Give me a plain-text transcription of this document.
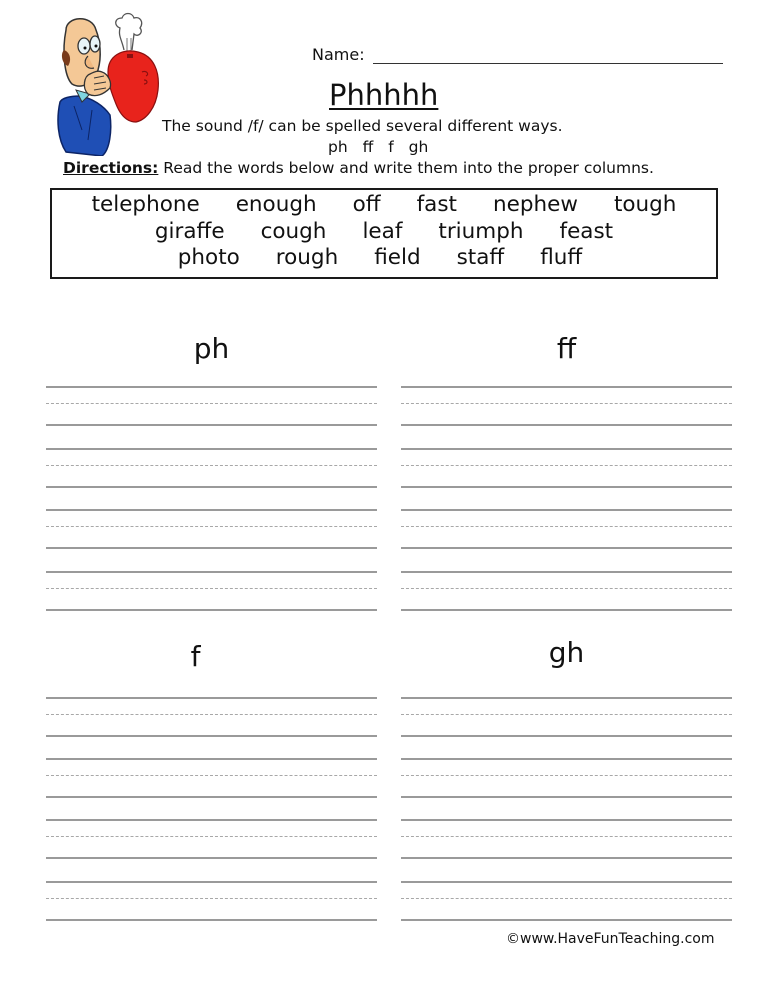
Name:
Phhhhh
The sound /f/ can be spelled several different ways.
ph ff f gh
Directions: Read the words below and write them into the proper columns.
telephone enough off fast nephew tough
giraffe cough leaf triumph feast
photo rough field staff fluff
ph	ff
f	gh
©www.HaveFunTeaching.com
